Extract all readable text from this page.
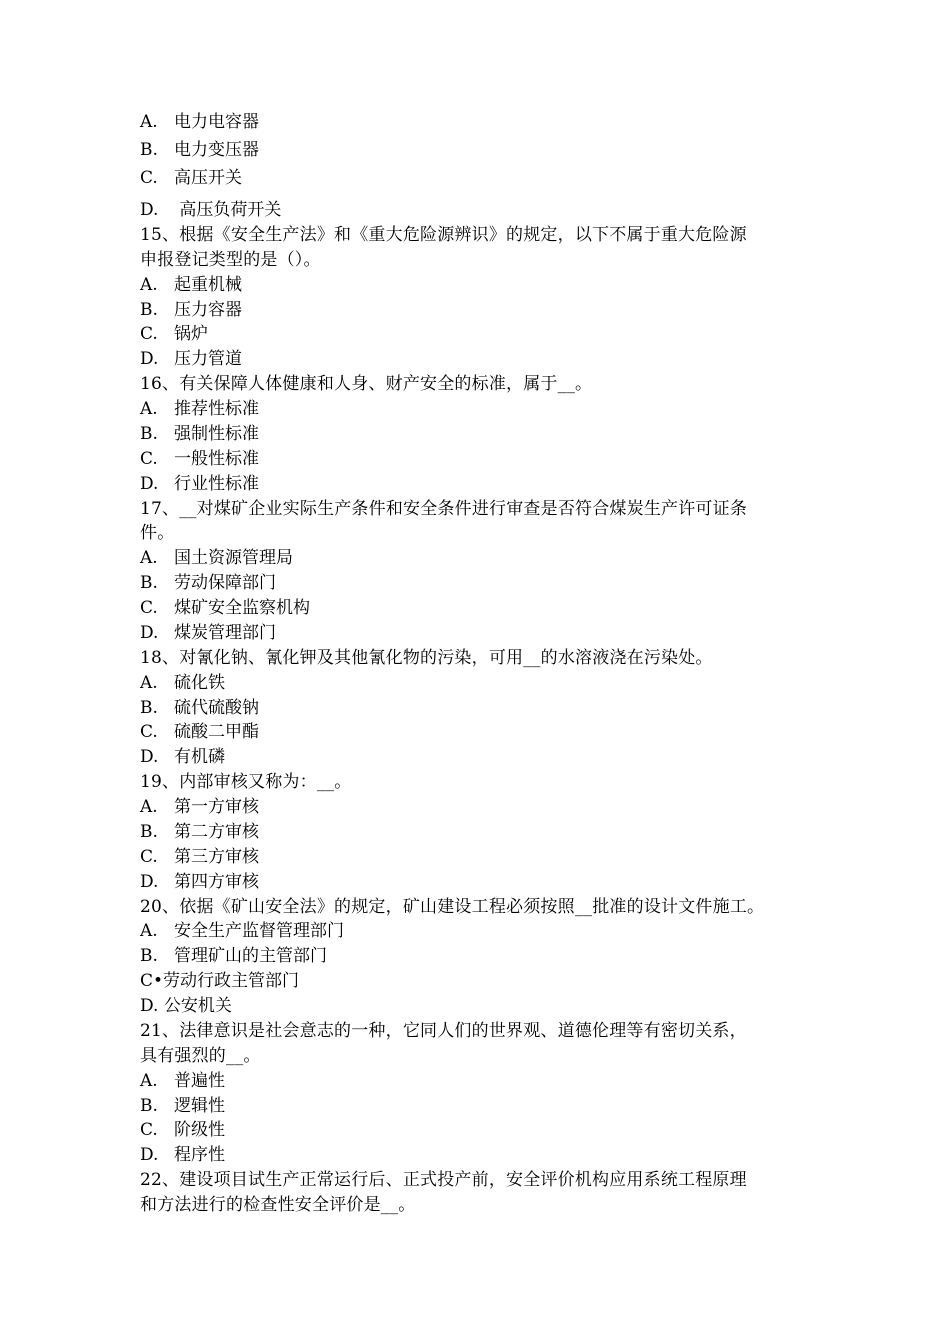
A. 电力电容器
B. 电力变压器
C. 高压开关
D. 高压负荷开关
15、根据《安全生产法》和《重大危险源辨识》的规定，以下不属于重大危险源
申报登记类型的是（）。
A. 起重机械
B. 压力容器
C. 锅炉
D. 压力管道
16、有关保障人体健康和人身、财产安全的标准，属于__。
A. 推荐性标准
B. 强制性标准
C. 一般性标准
D. 行业性标准
17、__对煤矿企业实际生产条件和安全条件进行审查是否符合煤炭生产许可证条
件。
A. 国土资源管理局
B. 劳动保障部门
C. 煤矿安全监察机构
D. 煤炭管理部门
18、对氰化钠、氰化钾及其他氰化物的污染，可用__的水溶液浇在污染处。
A. 硫化铁
B. 硫代硫酸钠
C. 硫酸二甲酯
D. 有机磷
19、内部审核又称为：__。
A. 第一方审核
B. 第二方审核
C. 第三方审核
D. 第四方审核
20、依据《矿山安全法》的规定，矿山建设工程必须按照__批准的设计文件施工。
A. 安全生产监督管理部门
B. 管理矿山的主管部门
C•劳动行政主管部门
D. 公安机关
21、法律意识是社会意志的一种，它同人们的世界观、道德伦理等有密切关系，
具有强烈的__。
A. 普遍性
B. 逻辑性
C. 阶级性
D. 程序性
22、建设项目试生产正常运行后、正式投产前，安全评价机构应用系统工程原理
和方法进行的检查性安全评价是__。
